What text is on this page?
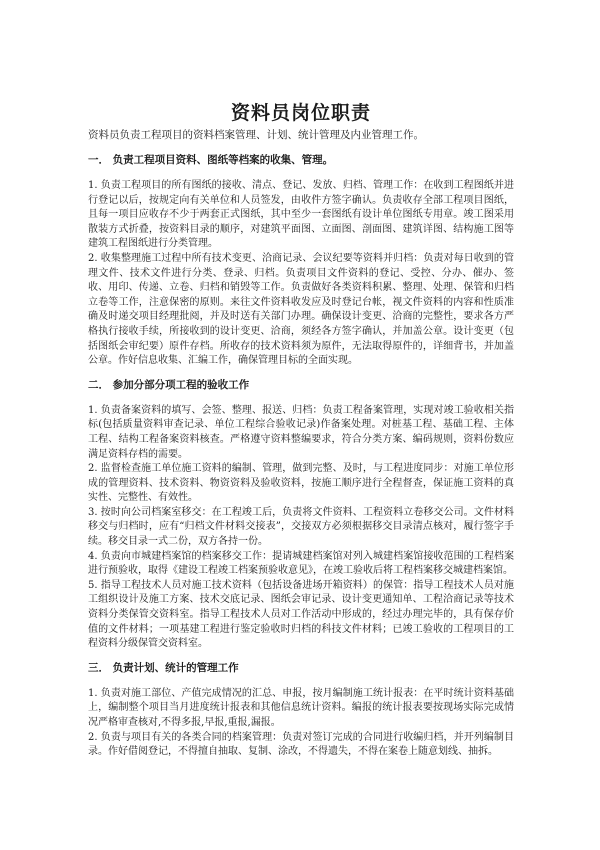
资料员岗位职责
资料员负责工程项目的资料档案管理、计划、统计管理及内业管理工作。
一． 负责工程项目资料、图纸等档案的收集、管理。

1. 负责工程项目的所有图纸的接收、清点、登记、发放、归档、管理工作：在收到工程图纸并进行登记以后，按规定向有关单位和人员签发，由收件方签字确认。负责收存全部工程项目图纸，且每一项目应收存不少于两套正式图纸，其中至少一套图纸有设计单位图纸专用章。竣工图采用散装方式折叠，按资料目录的顺序，对建筑平面图、立面图、剖面图、建筑详图、结构施工图等建筑工程图纸进行分类管理。

2. 收集整理施工过程中所有技术变更、洽商记录、会议纪要等资料并归档：负责对每日收到的管理文件、技术文件进行分类、登录、归档。负责项目文件资料的登记、受控、分办、催办、签收、用印、传递、立卷、归档和销毁等工作。负责做好各类资料积累、整理、处理、保管和归档立卷等工作，注意保密的原则。来往文件资料收发应及时登记台帐，视文件资料的内容和性质准确及时递交项目经理批阅，并及时送有关部门办理。确保设计变更、洽商的完整性，要求各方严格执行接收手续，所接收到的设计变更、洽商，须经各方签字确认，并加盖公章。设计变更（包括图纸会审纪要）原件存档。所收存的技术资料须为原件，无法取得原件的，详细背书，并加盖公章。作好信息收集、汇编工作，确保管理目标的全面实现。

二． 参加分部分项工程的验收工作

1. 负责备案资料的填写、会签、整理、报送、归档：负责工程备案管理，实现对竣工验收相关指标(包括质量资料审查记录、单位工程综合验收记录)作备案处理。对桩基工程、基础工程、主体工程、结构工程备案资料核查。严格遵守资料整编要求，符合分类方案、编码规则，资料份数应满足资料存档的需要。

2. 监督检查施工单位施工资料的编制、管理，做到完整、及时，与工程进度同步：对施工单位形成的管理资料、技术资料、物资资料及验收资料，按施工顺序进行全程督查，保证施工资料的真实性、完整性、有效性。

3. 按时向公司档案室移交：在工程竣工后，负责将文件资料、工程资料立卷移交公司。文件材料移交与归档时，应有“归档文件材料交接表”，交接双方必须根据移交目录清点核对，履行签字手续。移交目录一式二份，双方各持一份。

4. 负责向市城建档案馆的档案移交工作：提请城建档案馆对列入城建档案馆接收范围的工程档案进行预验收，取得《建设工程竣工档案预验收意见》，在竣工验收后将工程档案移交城建档案馆。

5. 指导工程技术人员对施工技术资料（包括设备进场开箱资料）的保管：指导工程技术人员对施工组织设计及施工方案、技术交底记录、图纸会审记录、设计变更通知单、工程洽商记录等技术资料分类保管交资料室。指导工程技术人员对工作活动中形成的，经过办理完毕的，具有保存价值的文件材料；一项基建工程进行鉴定验收时归档的科技文件材料；已竣工验收的工程项目的工程资料分级保管交资料室。

三． 负责计划、统计的管理工作

1. 负责对施工部位、产值完成情况的汇总、申报，按月编制施工统计报表：在平时统计资料基础上，编制整个项目当月进度统计报表和其他信息统计资料。编报的统计报表要按现场实际完成情况严格审查核对,不得多报,早报,重报,漏报。

2. 负责与项目有关的各类合同的档案管理：负责对签订完成的合同进行收编归档，并开列编制目录。作好借阅登记，不得擅自抽取、复制、涂改，不得遗失，不得在案卷上随意划线、抽拆。
